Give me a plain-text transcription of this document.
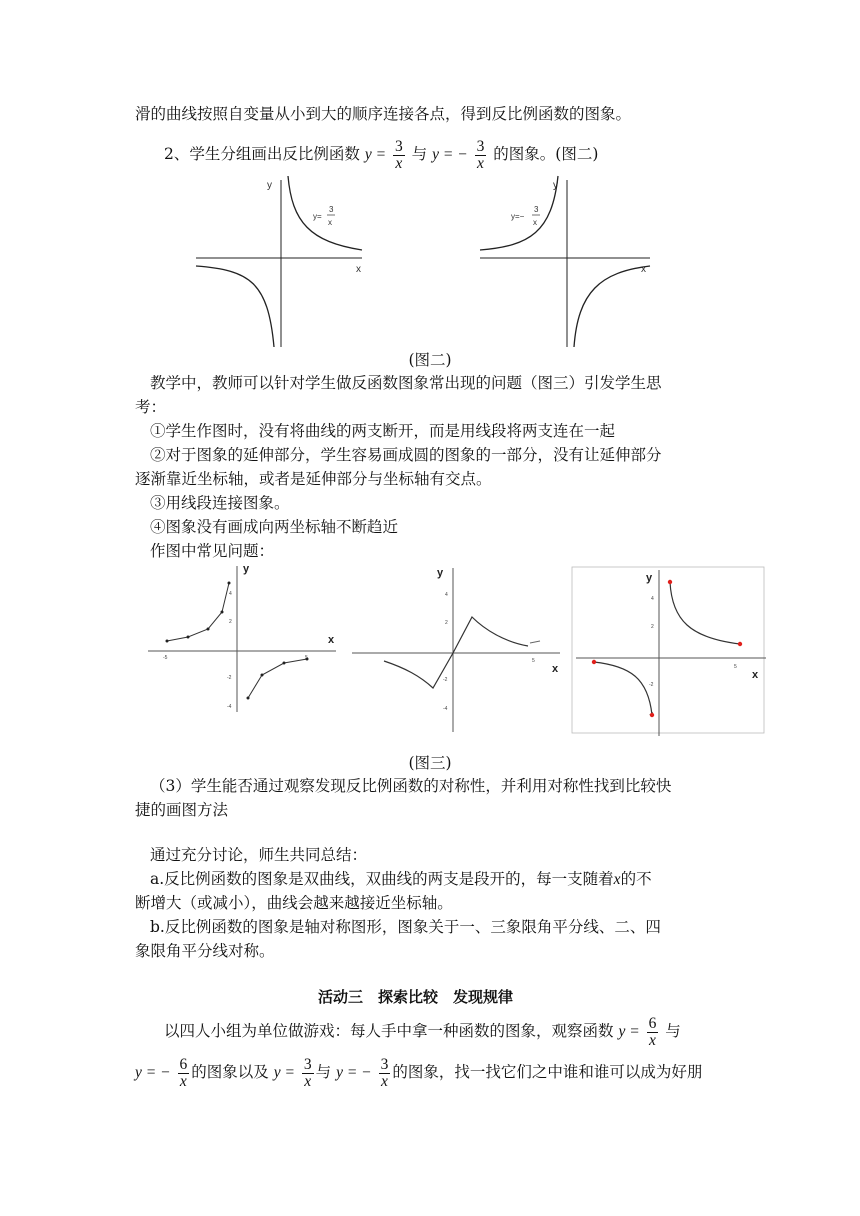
滑的曲线按照自变量从小到大的顺序连接各点，得到反比例函数的图象。
2、学生分组画出反比例函数 $y = \frac{3}{x}$ 与 y = − $\frac{3}{x}$ 的图象。(图二)
y
x
y=
3
x
y
x
y=−
3
x
(图二)
教学中，教师可以针对学生做反函数图象常出现的问题（图三）引发学生思
考：
①学生作图时，没有将曲线的两支断开，而是用线段将两支连在一起
②对于图象的延伸部分，学生容易画成圆的图象的一部分，没有让延伸部分
逐渐靠近坐标轴，或者是延伸部分与坐标轴有交点。
③用线段连接图象。
④图象没有画成向两坐标轴不断趋近
作图中常见问题：
y
x
4
2
-2
-4
-5
y
x
4
2
-2
-4
5
y
x
4
2
-2
5
(图三)
（3）学生能否通过观察发现反比例函数的对称性，并利用对称性找到比较快
捷的画图方法
通过充分讨论，师生共同总结：
a.反比例函数的图象是双曲线，双曲线的两支是段开的，每一支随着x的不
断增大（或减小），曲线会越来越接近坐标轴。
b.反比例函数的图象是轴对称图形，图象关于一、三象限角平分线、二、四
象限角平分线对称。
活动三　探索比较　发现规律
以四人小组为单位做游戏：每人手中拿一种函数的图象，观察函数 $y = \frac{6}{x}$ 与
y = − $\frac{6}{x}$ 的图象以及 $y = \frac{3}{x}$ 与 y = − $\frac{3}{x}$ 的图象，找一找它们之中谁和谁可以成为好朋
